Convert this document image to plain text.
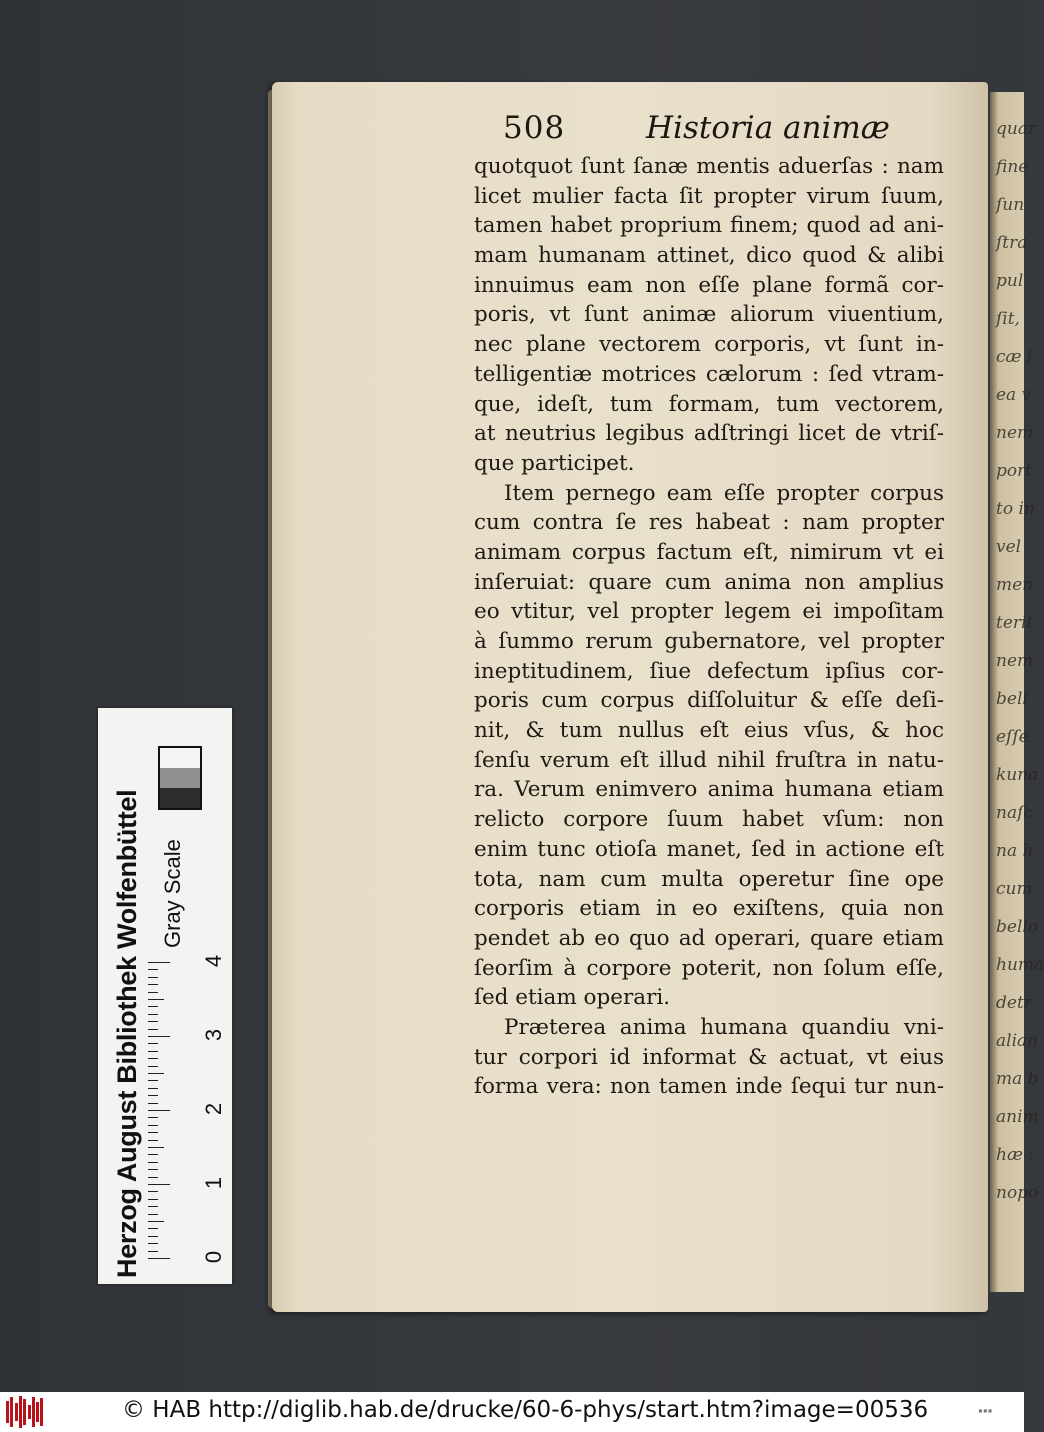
quar
fine
ſun
ſtra
pul
ſit,
cæ i
ea v
nem
port
to in
vel
men
terit
nem
bell
eſſe
kuna
naſc
na h
cum
bello
huma
detr
alian
ma b
anim
hæ :
nopo
508	Historia animæ
quotquot ſunt ſanæ mentis aduerſas : nam
licet mulier facta ſit propter virum ſuum,
tamen habet proprium finem; quod ad ani-
mam humanam attinet, dico quod & alibi
innuimus eam non eſſe plane formã cor-
poris, vt ſunt animæ aliorum viuentium,
nec plane vectorem corporis, vt ſunt in-
telligentiæ motrices cælorum : ſed vtram-
que, ideſt, tum formam, tum vectorem,
at neutrius legibus adſtringi licet de vtriſ-
que participet.
Item pernego eam eſſe propter corpus
cum contra ſe res habeat : nam propter
animam corpus factum eſt, nimirum vt ei
inſeruiat: quare cum anima non amplius
eo vtitur, vel propter legem ei impoſitam
à ſummo rerum gubernatore, vel propter
ineptitudinem, ſiue defectum ipſius cor-
poris cum corpus diſſoluitur & eſſe deſi-
nit, & tum nullus eſt eius vſus, & hoc
ſenſu verum eſt illud nihil fruſtra in natu-
ra. Verum enimvero anima humana etiam
relicto corpore ſuum habet vſum: non
enim tunc otioſa manet, ſed in actione eſt
tota, nam cum multa operetur ſine ope
corporis etiam in eo exiſtens, quia non
pendet ab eo quo ad operari, quare etiam
ſeorſim à corpore poterit, non ſolum eſſe,
ſed etiam operari.
Præterea anima humana quandiu vni-
tur corpori id informat & actuat, vt eius
forma vera: non tamen inde ſequi tur nun-
Herzog August Bibliothek Wolfenbüttel Gray Scale
0
1
2
3
4
© HAB http://diglib.hab.de/drucke/60-6-phys/start.htm?image=00536	▪▪▪
